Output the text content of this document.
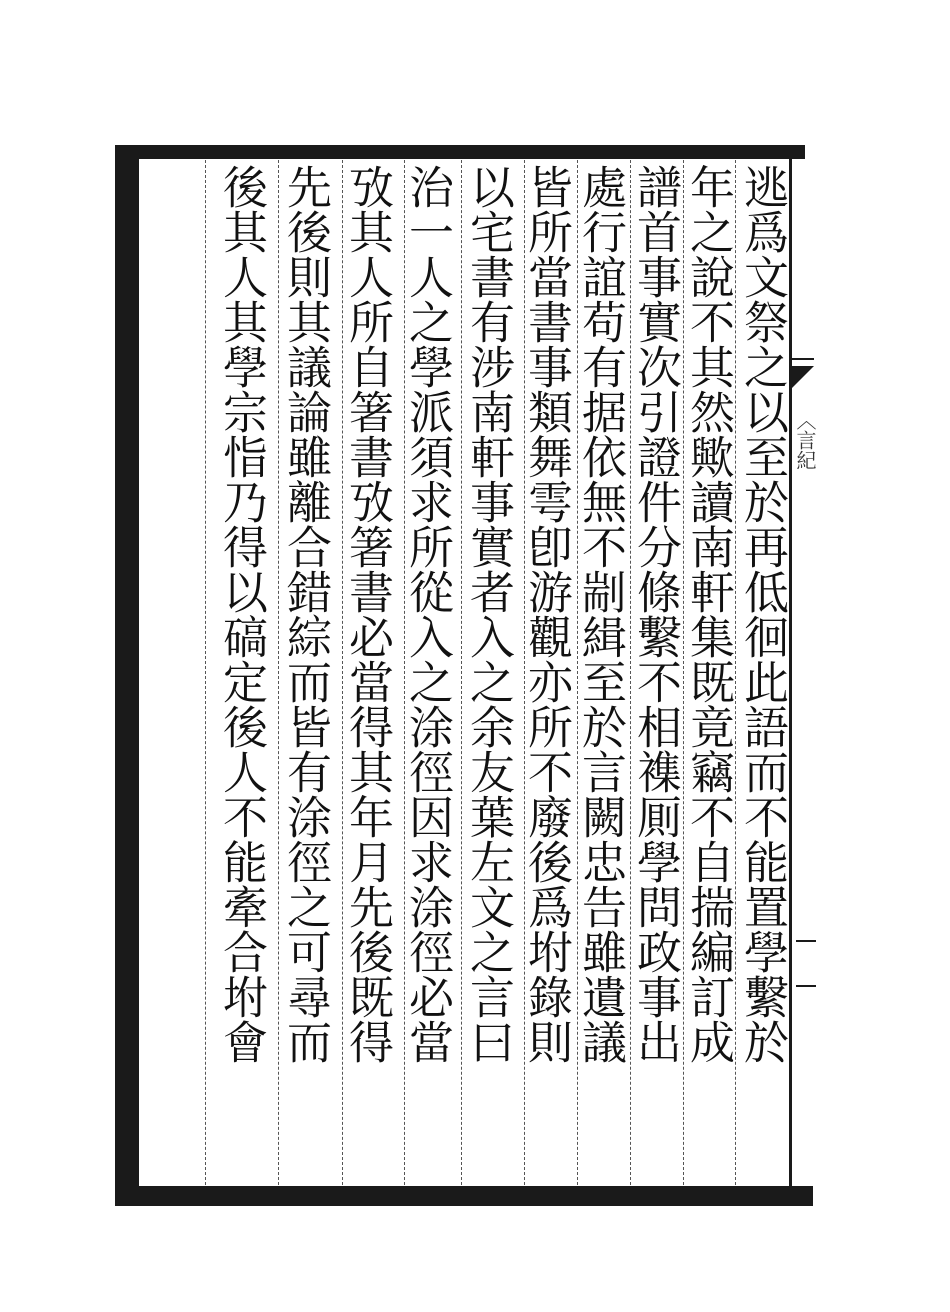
〈言紀
逃爲文祭之以至於再低徊此語而不能置學繫於
年之說不其然歟讀南軒集既竟竊不自揣編訂成
譜首事實次引證件分條繫不相襍厠學問政事出
處行誼苟有据依無不剬緝至於言闕忠告雖遺議
皆所當書事類舞雩卽游觀亦所不廢後爲坿錄則
以宅書有涉南軒事實者入之余友葉左文之言曰
治一人之學派須求所從入之涂徑因求涂徑必當
攷其人所自箸書攷箸書必當得其年月先後既得
先後則其議論雖離合錯綜而皆有涂徑之可尋而
後其人其學宗恉乃得以碻定後人不能牽合坿會
